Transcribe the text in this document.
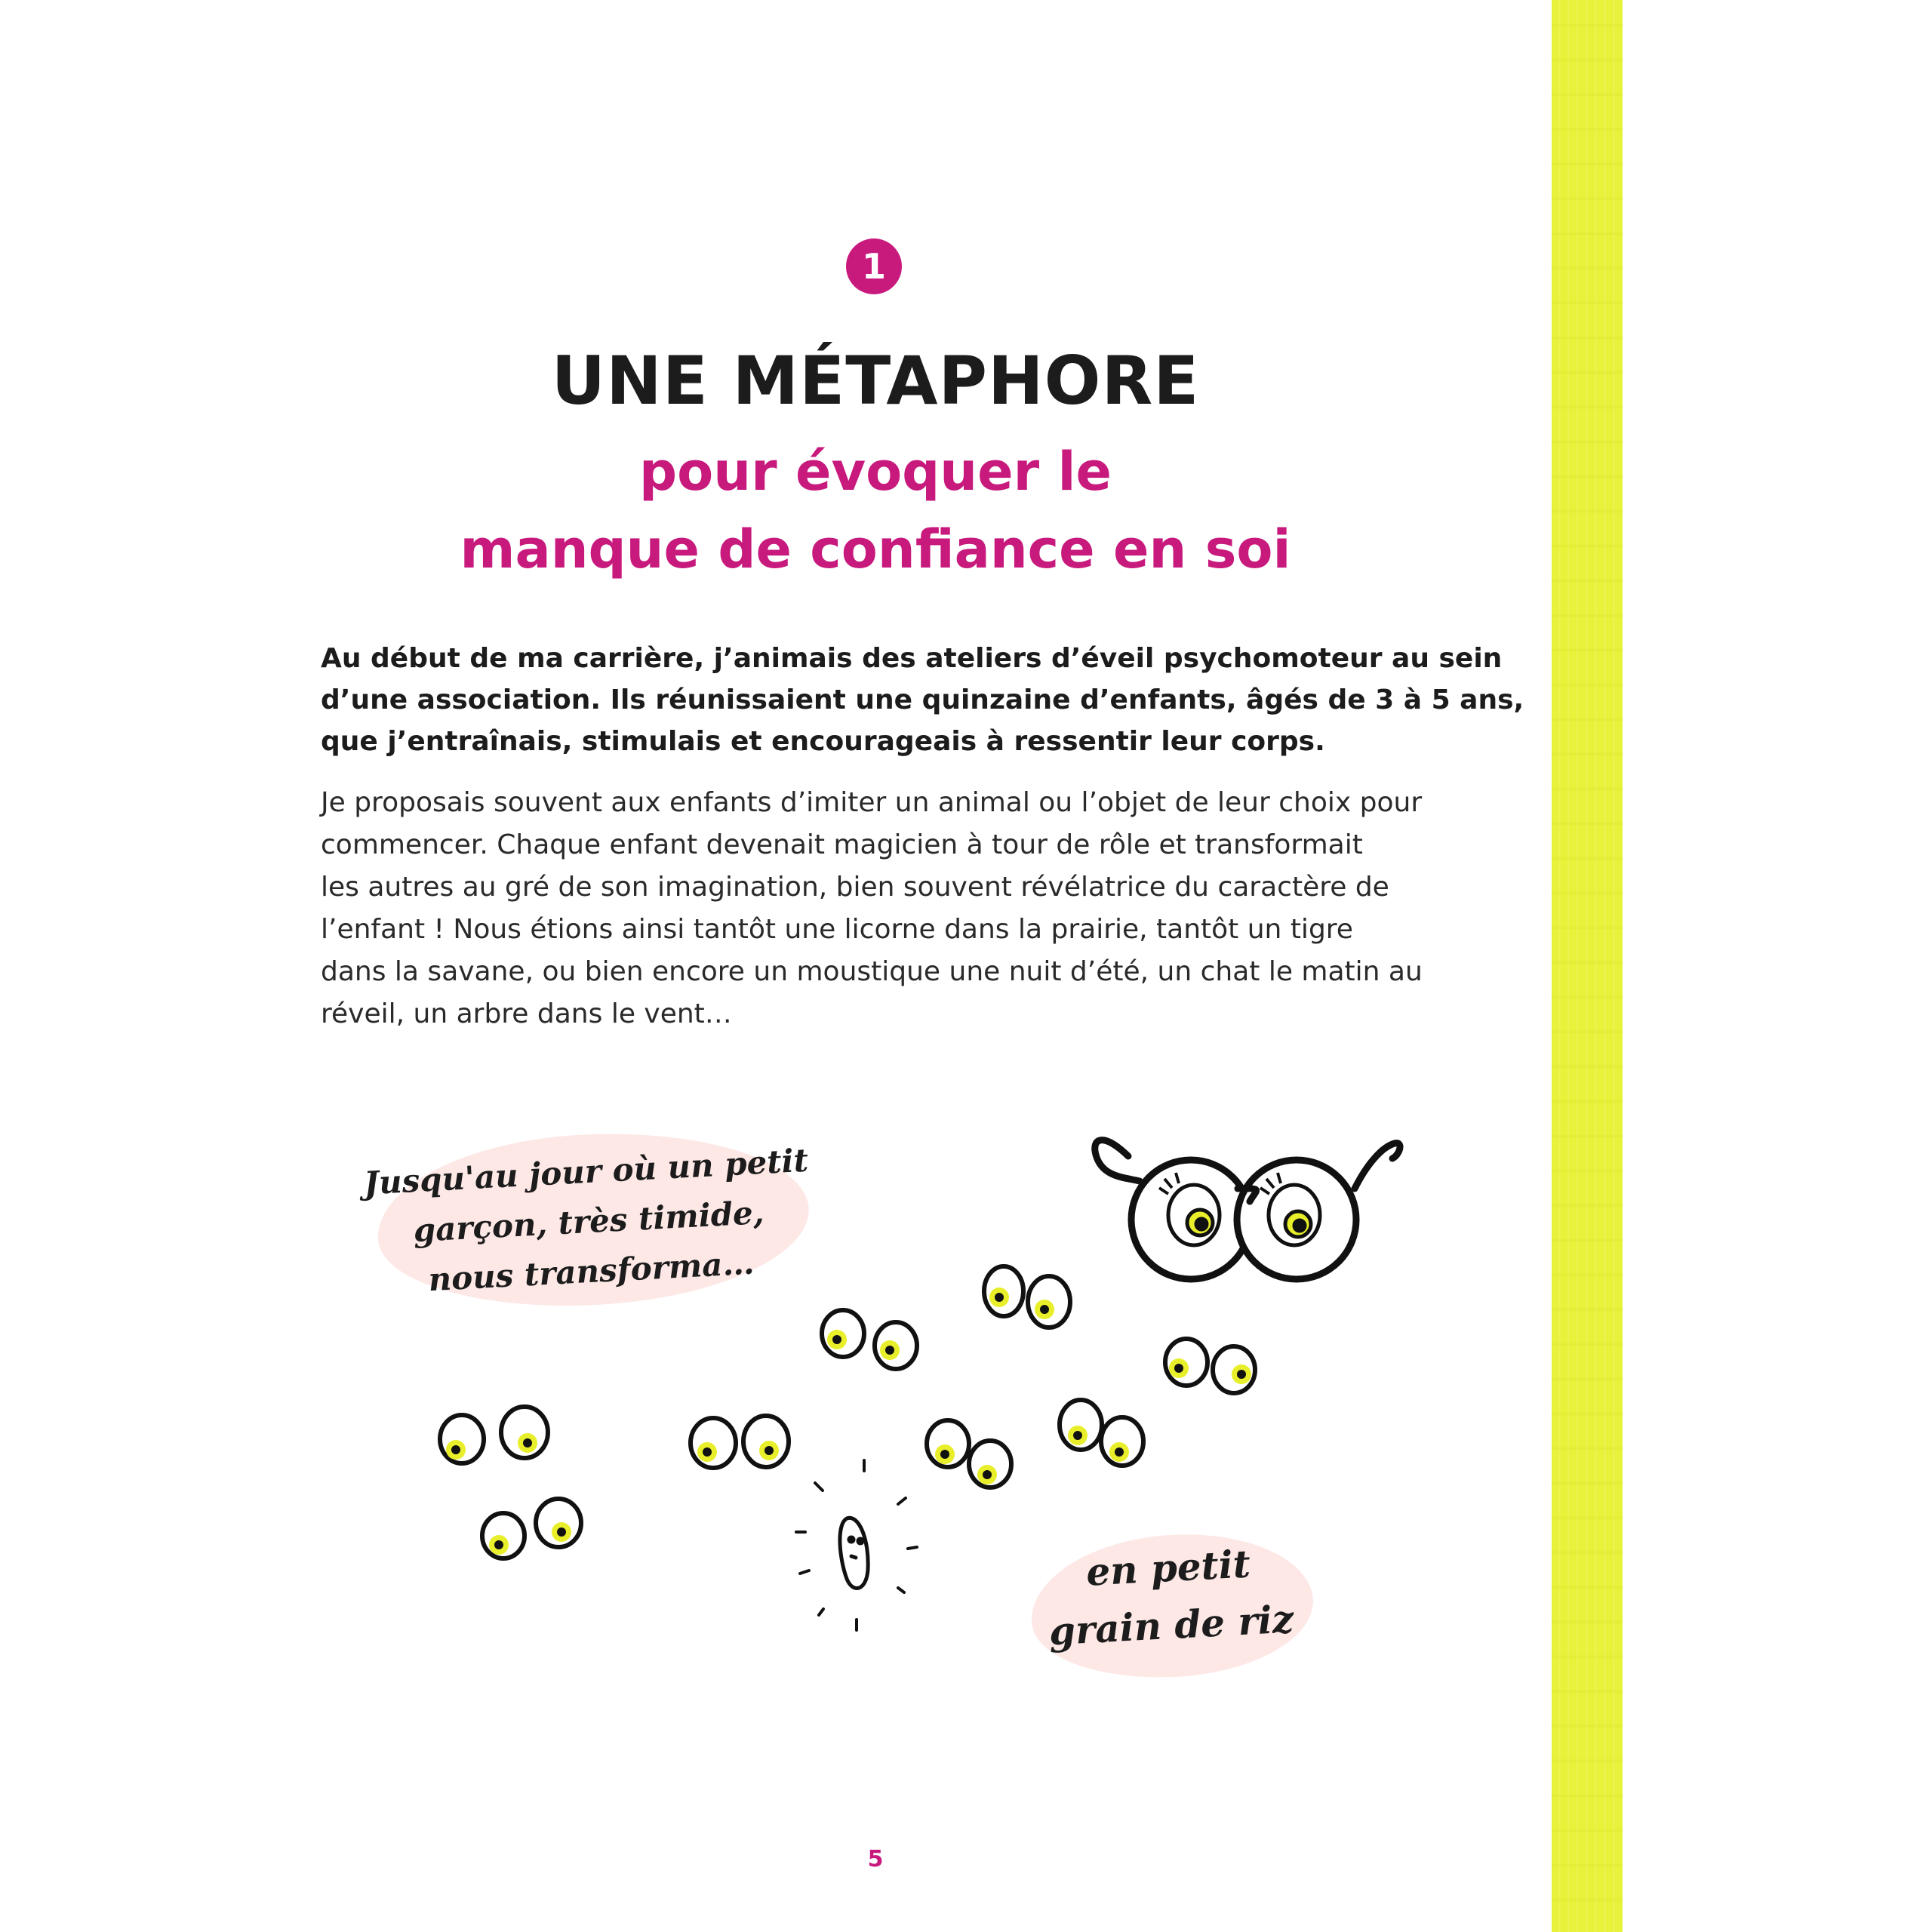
1
UNE MÉTAPHORE
pour évoquer le
manque de confiance en soi
Au début de ma carrière, j’animais des ateliers d’éveil psychomoteur au sein
d’une association. Ils réunissaient une quinzaine d’enfants, âgés de 3 à 5 ans,
que j’entraînais, stimulais et encourageais à ressentir leur corps.
Je proposais souvent aux enfants d’imiter un animal ou l’objet de leur choix pour
commencer. Chaque enfant devenait magicien à tour de rôle et transformait
les autres au gré de son imagination, bien souvent révélatrice du caractère de
l’enfant ! Nous étions ainsi tantôt une licorne dans la prairie, tantôt un tigre
dans la savane, ou bien encore un moustique une nuit d’été, un chat le matin au
réveil, un arbre dans le vent…
Jusqu'au jour où un petit
garçon, très timide,
nous transforma…
en petit
grain de riz
5
